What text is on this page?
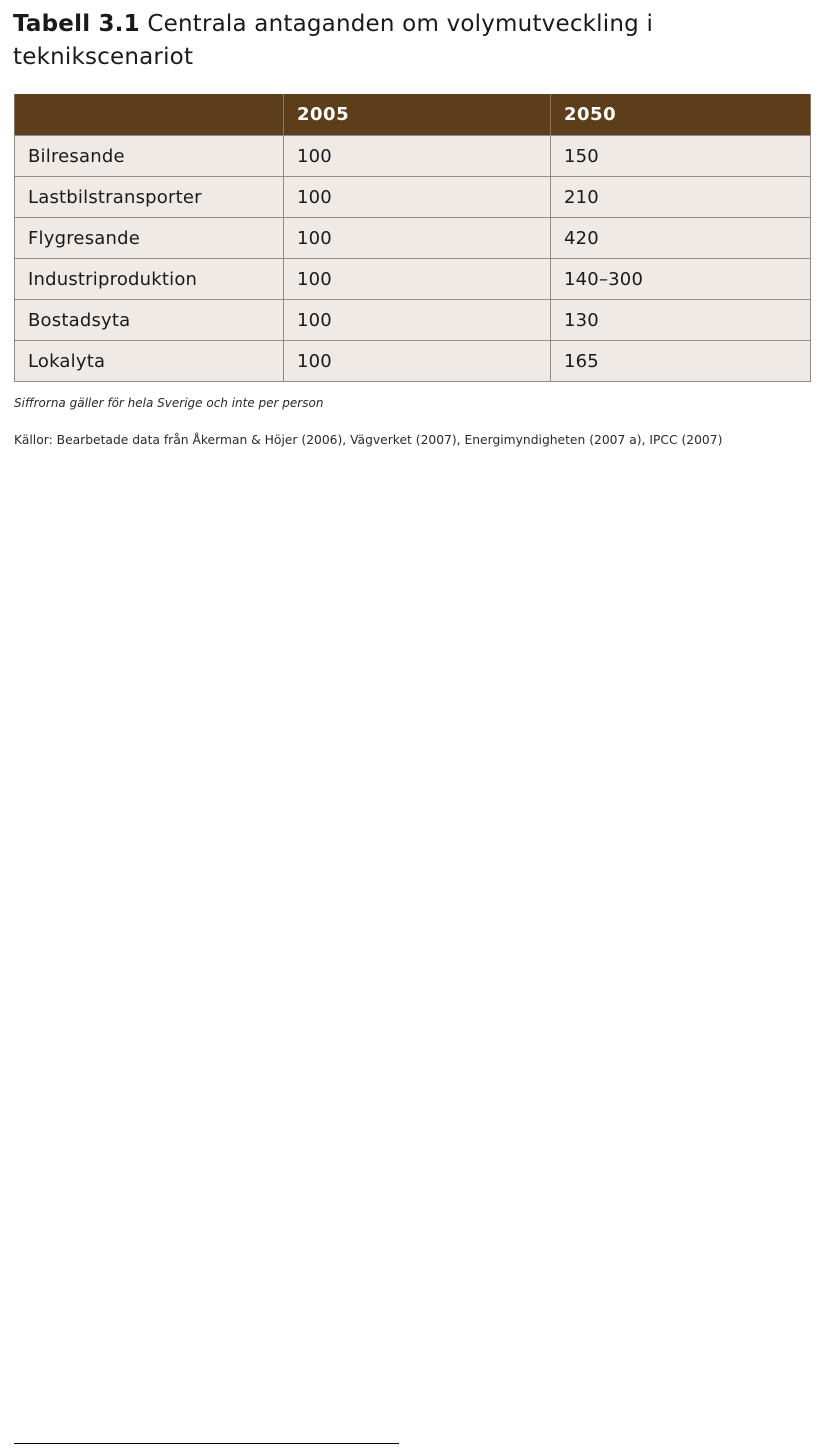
Tabell 3.1 Centrala antaganden om volymutveckling i teknikscenariot
	2005	2050
Bilresande	100	150
Lastbilstransporter	100	210
Flygresande	100	420
Industriproduktion	100	140–300
Bostadsyta	100	130
Lokalyta	100	165
Siffrorna gäller för hela Sverige och inte per person
Källor: Bearbetade data från Åkerman & Höjer (2006), Vägverket (2007), Energimyndigheten (2007 a), IPCC (2007)
